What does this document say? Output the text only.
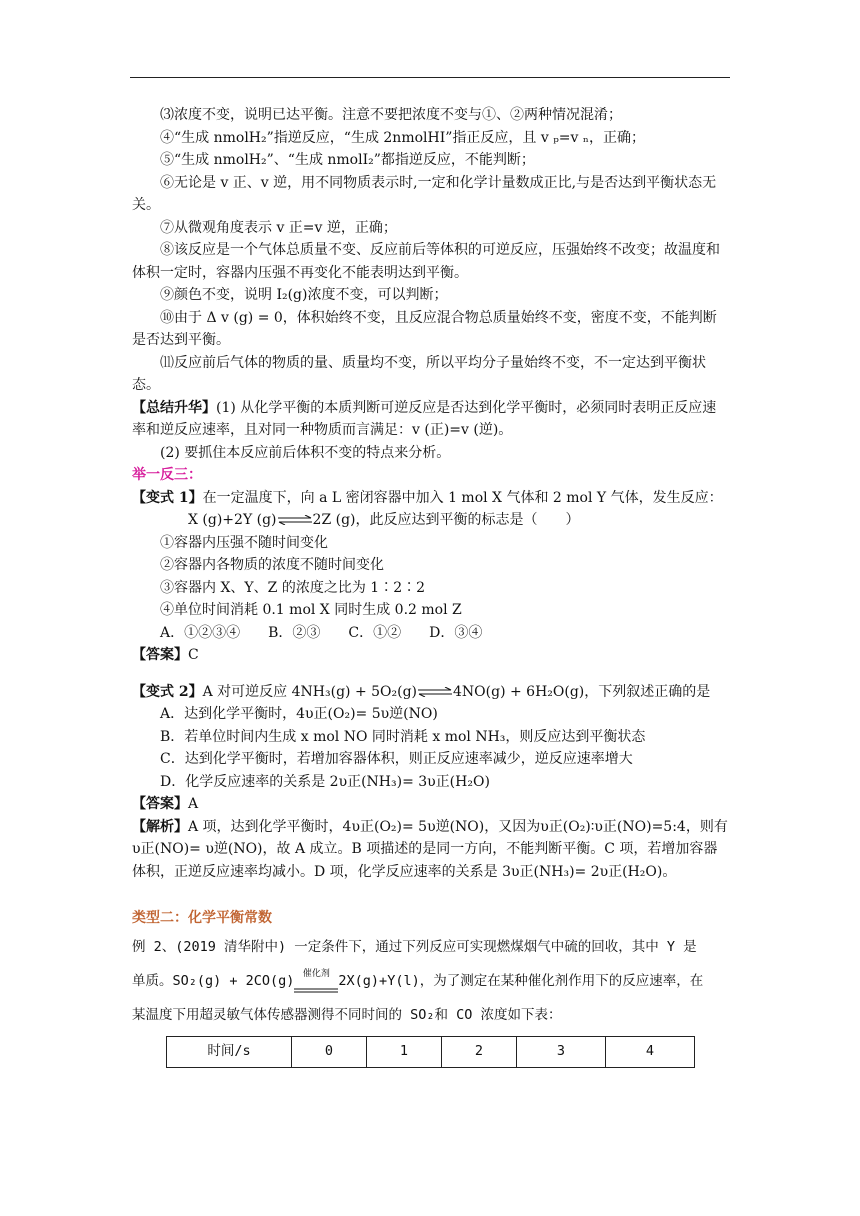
⑶浓度不变，说明已达平衡。注意不要把浓度不变与①、②两种情况混淆；

④“生成 nmolH₂”指逆反应，“生成 2nmolHI”指正反应，且 v ₚ=v ₙ，正确；

⑤“生成 nmolH₂”、“生成 nmolI₂”都指逆反应，不能判断；

⑥无论是 v 正、v 逆，用不同物质表示时,一定和化学计量数成正比,与是否达到平衡状态无关。

⑦从微观角度表示 v 正=v 逆，正确；

⑧该反应是一个气体总质量不变、反应前后等体积的可逆反应，压强始终不改变；故温度和体积一定时，容器内压强不再变化不能表明达到平衡。

⑨颜色不变，说明 I₂(g)浓度不变，可以判断；

⑩由于 Δ v (g) = 0，体积始终不变，且反应混合物总质量始终不变，密度不变，不能判断是否达到平衡。

⑾反应前后气体的物质的量、质量均不变，所以平均分子量始终不变，不一定达到平衡状态。

【总结升华】(1) 从化学平衡的本质判断可逆反应是否达到化学平衡时，必须同时表明正反应速率和逆反应速率，且对同一种物质而言满足：v (正)=v (逆)。

(2) 要抓住本反应前后体积不变的特点来分析。

举一反三：

【变式 1】在一定温度下，向 a L 密闭容器中加入 1 mol X 气体和 2 mol Y 气体，发生反应：

X (g)+2Y (g)⇌2Z (g)，此反应达到平衡的标志是（　　）

①容器内压强不随时间变化

②容器内各物质的浓度不随时间变化

③容器内 X、Y、Z 的浓度之比为 1∶2∶2

④单位时间消耗 0.1 mol X 同时生成 0.2 mol Z

A．①②③④   B．②③   C．①②   D．③④

【答案】C

【变式 2】A 对可逆反应 4NH₃(g) + 5O₂(g)⇌4NO(g) + 6H₂O(g)，下列叙述正确的是

A．达到化学平衡时，4υ正(O₂)= 5υ逆(NO)

B．若单位时间内生成 x mol NO 同时消耗 x mol NH₃，则反应达到平衡状态

C．达到化学平衡时，若增加容器体积，则正反应速率减少，逆反应速率增大

D．化学反应速率的关系是 2υ正(NH₃)= 3υ正(H₂O)

【答案】A

【解析】A 项，达到化学平衡时，4υ正(O₂)= 5υ逆(NO)，又因为υ正(O₂)∶υ正(NO)=5:4，则有υ正(NO)= υ逆(NO)，故 A 成立。B 项描述的是同一方向，不能判断平衡。C 项，若增加容器体积，正逆反应速率均减小。D 项，化学反应速率的关系是 3υ正(NH₃)= 2υ正(H₂O)。

类型二：化学平衡常数

例 2、(2019 清华附中) 一定条件下，通过下列反应可实现燃煤烟气中硫的回收，其中 Y 是
单质。SO₂(g) + 2CO(g) $^{催化剂}$ 2X(g)+Y(l)，为了测定在某种催化剂作用下的反应速率，在
某温度下用超灵敏气体传感器测得不同时间的 SO₂和 CO 浓度如下表：
时间/s	0	1	2	3	4
